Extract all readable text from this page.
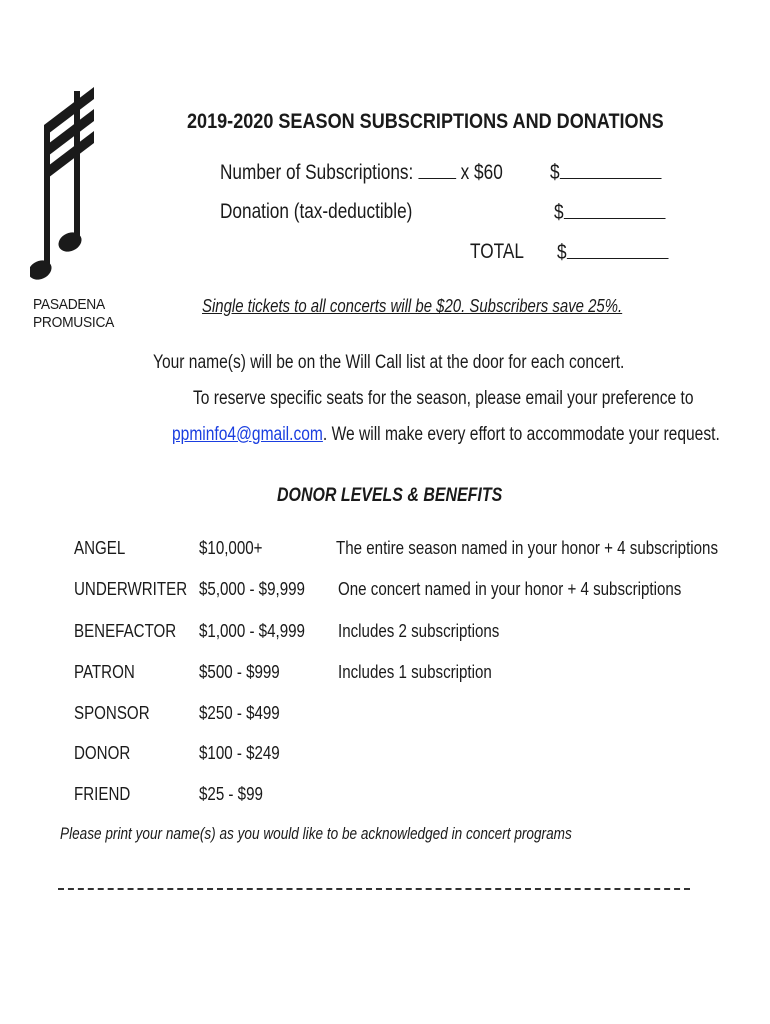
PASADENA
PROMUSICA
2019-2020 SEASON SUBSCRIPTIONS AND DONATIONS
Number of Subscriptions: x $60 $
Donation (tax-deductible)	$
TOTAL $
Single tickets to all concerts will be $20. Subscribers save 25%.
Your name(s) will be on the Will Call list at the door for each concert.
To reserve specific seats for the season, please email your preference to
ppminfo4@gmail.com. We will make every effort to accommodate your request.
DONOR LEVELS & BENEFITS
ANGEL	$10,000+	The entire season named in your honor + 4 subscriptions
UNDERWRITER $5,000 - $9,999 One concert named in your honor + 4 subscriptions
BENEFACTOR $1,000 - $4,999 Includes 2 subscriptions
PATRON	$500 - $999	Includes 1 subscription
SPONSOR	$250 - $499
DONOR	$100 - $249
FRIEND	$25 - $99
Please print your name(s) as you would like to be acknowledged in concert programs
